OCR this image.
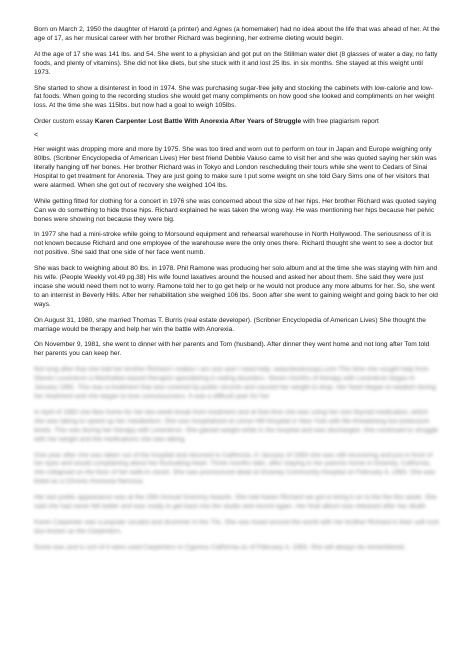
Born on March 2, 1950 the daughter of Harold (a printer) and Agnes (a homemaker) had no idea about the life that was ahead of her. At the age of 17, as her musical career with her brother Richard was beginning, her extreme dieting would begin.

At the age of 17 she was 141 lbs. and 54. She went to a physician and got put on the Stillman water diet (8 glasses of water a day, no fatty foods, and plenty of vitamins). She did not like diets, but she stuck with it and lost 25 lbs. in six months. She stayed at this weight until 1973.

She started to show a disinterest in food in 1974. She was purchasing sugar-free jelly and stocking the cabinets with low-calorie and low-fat foods. When going to the recording studios she would get many compliments on how good she looked and compliments on her weight loss. At the time she was 115lbs. but now had a goal to weigh 105lbs.

Order custom essay Karen Carpenter Lost Battle With Anorexia After Years of Struggle with free plagiarism report

<

Her weight was dropping more and more by 1975. She was too tired and worn out to perform on tour in Japan and Europe weighing only 80lbs. (Scribner Encyclopedia of American Lives) Her best friend Debbie Vaiuso came to visit her and she was quoted saying her skin was literally hanging off her bones. Her brother Richard was in Tokyo and London rescheduling their tours while she went to Cedars of Sinai Hospital to get treatment for Anorexia. They are just going to make sure I put some weight on she told Gary Sims one of her visitors that were alarmed. When she got out of recovery she weighed 104 lbs.

While getting fitted for clothing for a concert in 1976 she was concerned about the size of her hips. Her brother Richard was quoted saying Can we do something to hide those hips. Richard explained he was taken the wrong way. He was mentioning her hips because her pelvic bones were showing not because they were big.

In 1977 she had a mini-stroke while going to Morsound equipment and rehearsal warehouse in North Hollywood. The seriousness of it is not known because Richard and one employee of the warehouse were the only ones there. Richard thought she went to see a doctor but not positive. She said that one side of her face went numb.

She was back to weighing about 80 lbs. in 1978. Phil Ramone was producing her solo album and at the time she was staying with him and his wife. (People Weekly vol.49 pg.38) His wife found laxatives around the housed and asked her about them. She said they were just incase she would need them not to worry. Ramone told her to go get help or he would not produce any more albums for her. So, she went to an internist in Beverly Hills. After her rehabilitation she weighed 106 lbs. Soon after she went to gaining weight and going back to her old ways.

On August 31, 1980, she married Thomas T. Burris (real estate developer). (Scribner Encyclopedia of American Lives) She thought the marriage would be therapy and help her win the battle with Anorexia.

On November 9, 1981, she went to dinner with her parents and Tom (husband). After dinner they went home and not long after Tom told her parents you can keep her.

Not long after that she told her brother Richard I realize I am sick and I need help. www.bestessays.com This time she sought help from Steven Levenkron a Manhattan-based therapist specializing in eating disorders. Seven months of therapy with Levenkron began in January 1982. This was a treatment that was covered by public records and caused her weight to drop. Her heart began to weaken during her treatment and she began to lose consciousness. It was a difficult year for her.

In April of 1982 she flew home for her two-week break from treatment and at that time she was using her own thyroid medication, which she was taking to speed up her metabolism. She was hospitalized at Lenox Hill Hospital in New York with life-threatening low potassium levels. This was during her therapy with Levenkron. She gained weight while in the hospital and was discharged. She continued to struggle with her weight and the medications she was taking.

One year after she was taken out of the hospital and returned to California, in January of 1983 she was still recovering and just in front of her eyes and would complaining about her fluctuating heart. Three months later, after staying in her parents home in Downey, California, she collapsed on the floor of her walk-in closet. She was pronounced dead at Downey Community Hospital on February 4, 1983. She was listed as a Chronic Anorexia Nervosa.

Her last public appearance was at the 25th Annual Grammy Awards. She told Karen Richard we got to bring it on to the fire this week. She said she had never felt better and was ready to get back into the studio and record again. Her final album was released after her death.

Karen Carpenter was a popular vocalist and drummer in the 70s. She was loved around the world with her brother Richard in their soft rock duo known as the Carpenters.

Some was and is sort of it were used Carpenters in Cypress California as of February 4, 1983. She will always be remembered.
